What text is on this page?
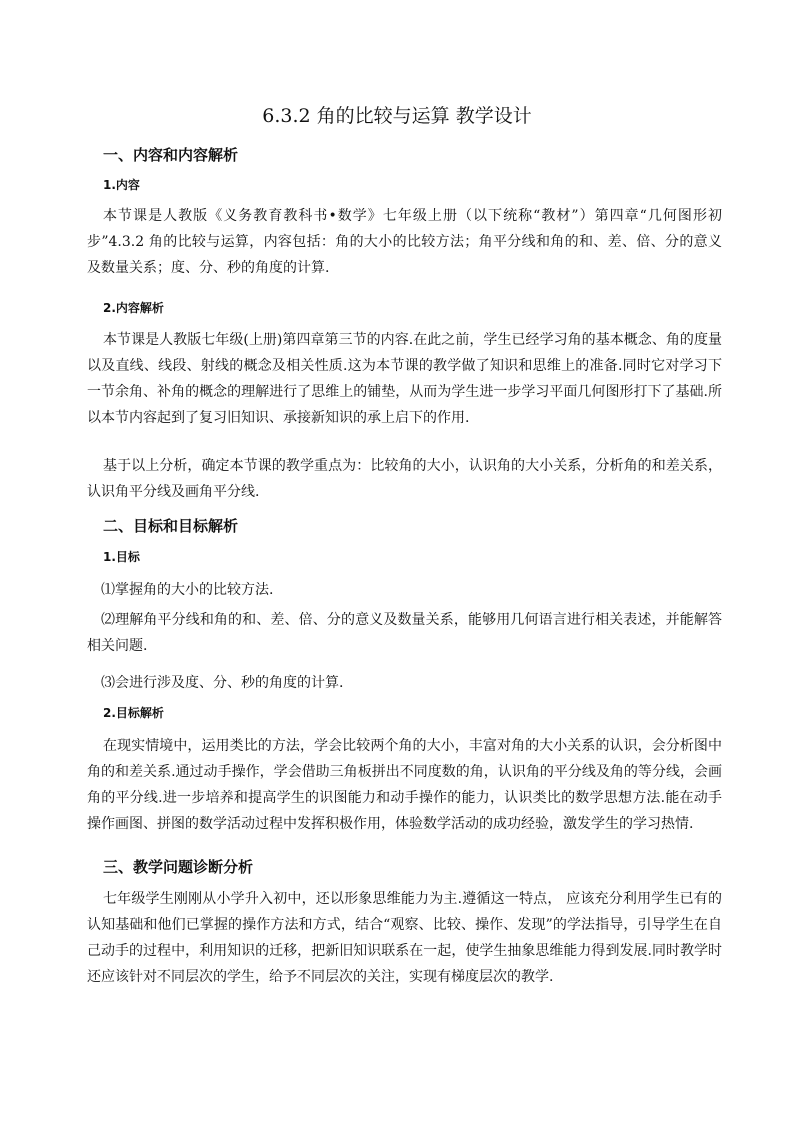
6.3.2 角的比较与运算 教学设计
一、内容和内容解析
1.内容

本节课是人教版《义务教育教科书•数学》七年级上册（以下统称“教材”）第四章“几何图形初步”4.3.2 角的比较与运算，内容包括：角的大小的比较方法；角平分线和角的和、差、倍、分的意义及数量关系；度、分、秒的角度的计算.

2.内容解析

本节课是人教版七年级(上册)第四章第三节的内容.在此之前，学生已经学习角的基本概念、角的度量以及直线、线段、射线的概念及相关性质.这为本节课的教学做了知识和思维上的准备.同时它对学习下一节余角、补角的概念的理解进行了思维上的铺垫，从而为学生进一步学习平面几何图形打下了基础.所以本节内容起到了复习旧知识、承接新知识的承上启下的作用.

基于以上分析，确定本节课的教学重点为：比较角的大小，认识角的大小关系，分析角的和差关系，认识角平分线及画角平分线.

二、目标和目标解析
1.目标

⑴掌握角的大小的比较方法.

⑵理解角平分线和角的和、差、倍、分的意义及数量关系，能够用几何语言进行相关表述，并能解答相关问题.

⑶会进行涉及度、分、秒的角度的计算.

2.目标解析

在现实情境中，运用类比的方法，学会比较两个角的大小，丰富对角的大小关系的认识，会分析图中角的和差关系.通过动手操作，学会借助三角板拼出不同度数的角，认识角的平分线及角的等分线，会画角的平分线.进一步培养和提高学生的识图能力和动手操作的能力，认识类比的数学思想方法.能在动手操作画图、拼图的数学活动过程中发挥积极作用，体验数学活动的成功经验，激发学生的学习热情.

三、教学问题诊断分析

七年级学生刚刚从小学升入初中，还以形象思维能力为主.遵循这一特点， 应该充分利用学生已有的认知基础和他们已掌握的操作方法和方式，结合“观察、比较、操作、发现”的学法指导，引导学生在自己动手的过程中，利用知识的迁移，把新旧知识联系在一起，使学生抽象思维能力得到发展.同时教学时还应该针对不同层次的学生，给予不同层次的关注，实现有梯度层次的教学.
